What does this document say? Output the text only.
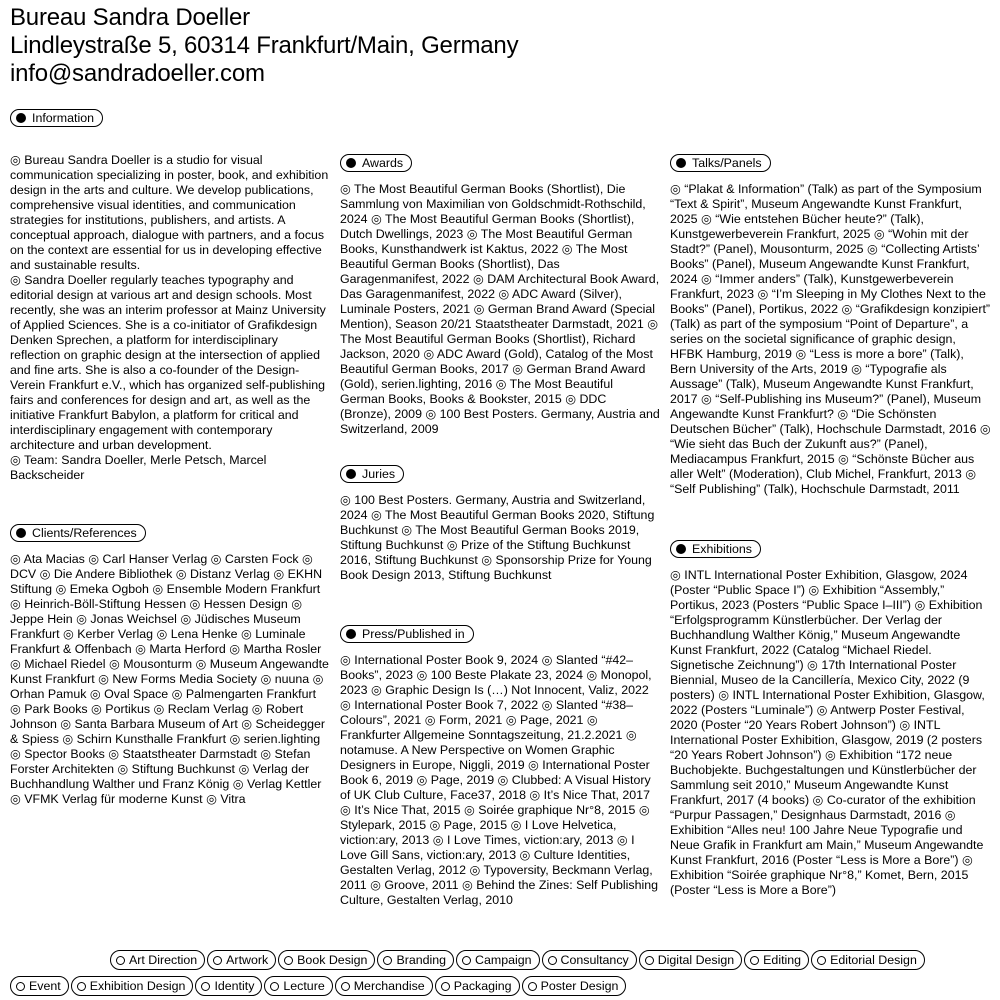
Bureau Sandra Doeller
Lindleystraße 5, 60314 Frankfurt/Main, Germany
info@sandradoeller.com
Information

◎ Bureau Sandra Doeller is a studio for visual communication specializing in poster, book, and exhibition design in the arts and culture. We develop publications, comprehensive visual identities, and communication strategies for institutions, publishers, and artists. A conceptual approach, dialogue with partners, and a focus on the context are essential for us in developing effective and sustainable results.
◎ Sandra Doeller regularly teaches typography and editorial design at various art and design schools. Most recently, she was an interim professor at Mainz University of Applied Sciences. She is a co-initiator of Grafikdesign Denken Sprechen, a platform for interdisciplinary reflection on graphic design at the intersection of applied and fine arts. She is also a co-founder of the Design-Verein Frankfurt e.V., which has organized self-publishing fairs and conferences for design and art, as well as the initiative Frankfurt Babylon, a platform for critical and interdisciplinary engagement with contemporary architecture and urban development.
◎ Team: Sandra Doeller, Merle Petsch, Marcel Backscheider

Clients/References

◎ Ata Macias ◎ Carl Hanser Verlag ◎ Carsten Fock ◎ DCV ◎ Die Andere Bibliothek ◎ Distanz Verlag ◎ EKHN Stiftung ◎ Emeka Ogboh ◎ Ensemble Modern Frankfurt ◎ Heinrich-Böll-Stiftung Hessen ◎ Hessen Design ◎ Jeppe Hein ◎ Jonas Weichsel ◎ Jüdisches Museum Frankfurt ◎ Kerber Verlag ◎ Lena Henke ◎ Luminale Frankfurt & Offenbach ◎ Marta Herford ◎ Martha Rosler ◎ Michael Riedel ◎ Mousonturm ◎ Museum Angewandte Kunst Frankfurt ◎ New Forms Media Society ◎ nuuna ◎ Orhan Pamuk ◎ Oval Space ◎ Palmengarten Frankfurt ◎ Park Books ◎ Portikus ◎ Reclam Verlag ◎ Robert Johnson ◎ Santa Barbara Museum of Art ◎ Scheidegger & Spiess ◎ Schirn Kunsthalle Frankfurt ◎ serien.lighting ◎ Spector Books ◎ Staatstheater Darmstadt ◎ Stefan Forster Architekten ◎ Stiftung Buchkunst ◎ Verlag der Buchhandlung Walther und Franz König ◎ Verlag Kettler ◎ VFMK Verlag für moderne Kunst ◎ Vitra

Awards

◎ The Most Beautiful German Books (Shortlist), Die Sammlung von Maximilian von Goldschmidt-Rothschild, 2024 ◎ The Most Beautiful German Books (Shortlist), Dutch Dwellings, 2023 ◎ The Most Beautiful German Books, Kunsthandwerk ist Kaktus, 2022 ◎ The Most Beautiful German Books (Shortlist), Das Garagenmanifest, 2022 ◎ DAM Architectural Book Award, Das Garagenmanifest, 2022 ◎ ADC Award (Silver), Luminale Posters, 2021 ◎ German Brand Award (Special Mention), Season 20/21 Staatstheater Darmstadt, 2021 ◎ The Most Beautiful German Books (Shortlist), Richard Jackson, 2020 ◎ ADC Award (Gold), Catalog of the Most Beautiful German Books, 2017 ◎ German Brand Award (Gold), serien.lighting, 2016 ◎ The Most Beautiful German Books, Books & Bookster, 2015 ◎ DDC (Bronze), 2009 ◎ 100 Best Posters. Germany, Austria and Switzerland, 2009

Juries

◎ 100 Best Posters. Germany, Austria and Switzerland, 2024 ◎ The Most Beautiful German Books 2020, Stiftung Buchkunst ◎ The Most Beautiful German Books 2019, Stiftung Buchkunst ◎ Prize of the Stiftung Buchkunst 2016, Stiftung Buchkunst ◎ Sponsorship Prize for Young Book Design 2013, Stiftung Buchkunst

Press/Published in

◎ International Poster Book 9, 2024 ◎ Slanted “#42–Books”, 2023 ◎ 100 Beste Plakate 23, 2024 ◎ Monopol, 2023 ◎ Graphic Design Is (…) Not Innocent, Valiz, 2022 ◎ International Poster Book 7, 2022 ◎ Slanted “#38–Colours”, 2021 ◎ Form, 2021 ◎ Page, 2021 ◎ Frankfurter Allgemeine Sonntagszeitung, 21.2.2021 ◎ notamuse. A New Perspective on Women Graphic Designers in Europe, Niggli, 2019 ◎ International Poster Book 6, 2019 ◎ Page, 2019 ◎ Clubbed: A Visual History of UK Club Culture, Face37, 2018 ◎ It’s Nice That, 2017 ◎ It’s Nice That, 2015 ◎ Soirée graphique Nr°8, 2015 ◎ Stylepark, 2015 ◎ Page, 2015 ◎ I Love Helvetica, viction:ary, 2013 ◎ I Love Times, viction:ary, 2013 ◎ I Love Gill Sans, viction:ary, 2013 ◎ Culture Identities, Gestalten Verlag, 2012 ◎ Typoversity, Beckmann Verlag, 2011 ◎ Groove, 2011 ◎ Behind the Zines: Self Publishing Culture, Gestalten Verlag, 2010

Talks/Panels

◎ “Plakat & Information” (Talk) as part of the Symposium “Text & Spirit”, Museum Angewandte Kunst Frankfurt, 2025 ◎ “Wie entstehen Bücher heute?” (Talk), Kunstgewerbeverein Frankfurt, 2025 ◎ “Wohin mit der Stadt?” (Panel), Mousonturm, 2025 ◎ “Collecting Artists’ Books” (Panel), Museum Angewandte Kunst Frankfurt, 2024 ◎ “Immer anders” (Talk), Kunstgewerbeverein Frankfurt, 2023 ◎ “I’m Sleeping in My Clothes Next to the Books” (Panel), Portikus, 2022 ◎ “Grafikdesign konzipiert” (Talk) as part of the symposium “Point of Departure”, a series on the societal significance of graphic design, HFBK Hamburg, 2019 ◎ “Less is more a bore” (Talk), Bern University of the Arts, 2019 ◎ “Typografie als Aussage” (Talk), Museum Angewandte Kunst Frankfurt, 2017 ◎ “Self-Publishing ins Museum?” (Panel), Museum Angewandte Kunst Frankfurt? ◎ “Die Schönsten Deutschen Bücher” (Talk), Hochschule Darmstadt, 2016 ◎ “Wie sieht das Buch der Zukunft aus?” (Panel), Mediacampus Frankfurt, 2015 ◎ “Schönste Bücher aus aller Welt” (Moderation), Club Michel, Frankfurt, 2013 ◎ “Self Publishing” (Talk), Hochschule Darmstadt, 2011

Exhibitions

◎ INTL International Poster Exhibition, Glasgow, 2024 (Poster “Public Space I”) ◎ Exhibition “Assembly,” Portikus, 2023 (Posters “Public Space I–III”) ◎ Exhibition “Erfolgsprogramm Künstlerbücher. Der Verlag der Buchhandlung Walther König,” Museum Angewandte Kunst Frankfurt, 2022 (Catalog “Michael Riedel. Signetische Zeichnung”) ◎ 17th International Poster Biennial, Museo de la Cancillería, Mexico City, 2022 (9 posters) ◎ INTL International Poster Exhibition, Glasgow, 2022 (Posters “Luminale”) ◎ Antwerp Poster Festival, 2020 (Poster “20 Years Robert Johnson”) ◎ INTL International Poster Exhibition, Glasgow, 2019 (2 posters “20 Years Robert Johnson”) ◎ Exhibition “172 neue Buchobjekte. Buchgestaltungen und Künstlerbücher der Sammlung seit 2010,” Museum Angewandte Kunst Frankfurt, 2017 (4 books) ◎ Co-curator of the exhibition “Purpur Passagen,” Designhaus Darmstadt, 2016 ◎ Exhibition “Alles neu! 100 Jahre Neue Typografie und Neue Grafik in Frankfurt am Main,” Museum Angewandte Kunst Frankfurt, 2016 (Poster “Less is More a Bore”) ◎ Exhibition “Soirée graphique Nr°8,” Komet, Bern, 2015 (Poster “Less is More a Bore”)

Art Direction Artwork Book Design Branding Campaign Consultancy Digital Design Editing Editorial Design
Event Exhibition Design Identity Lecture Merchandise Packaging Poster Design
